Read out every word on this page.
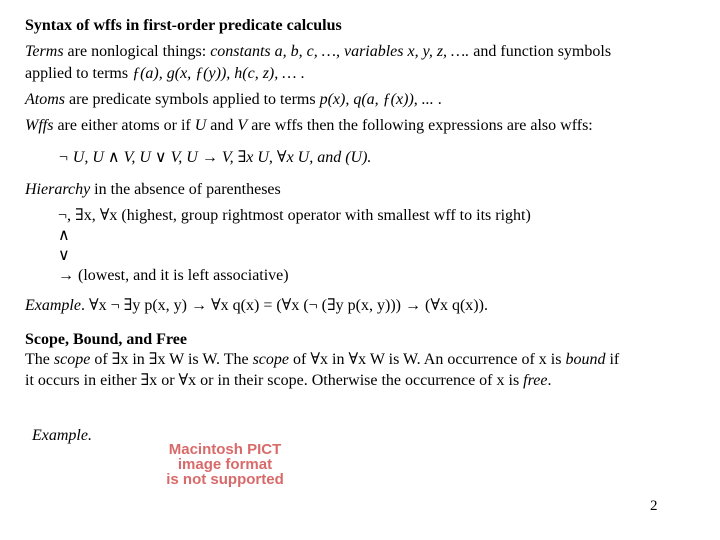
Syntax of wffs in first-order predicate calculus
Terms are nonlogical things: constants a, b, c, …, variables x, y, z, …. and function symbols
applied to terms ƒ(a), g(x, ƒ(y)), h(c, z), … .
Atoms are predicate symbols applied to terms p(x), q(a, ƒ(x)), ... .
Wffs are either atoms or if U and V are wffs then the following expressions are also wffs:
¬ U, U ∧ V, U ∨ V, U → V, ∃x U, ∀x U, and (U).
Hierarchy in the absence of parentheses
¬, ∃x, ∀x (highest, group rightmost operator with smallest wff to its right)
∧
∨
→ (lowest, and it is left associative)
Example. ∀x ¬ ∃y p(x, y) → ∀x q(x) = (∀x (¬ (∃y p(x, y))) → (∀x q(x)).
Scope, Bound, and Free
The scope of ∃x in ∃x W is W. The scope of ∀x in ∀x W is W. An occurrence of x is bound if
it occurs in either ∃x or ∀x or in their scope. Otherwise the occurrence of x is free.
Example.
Macintosh PICT
image format
is not supported
2
